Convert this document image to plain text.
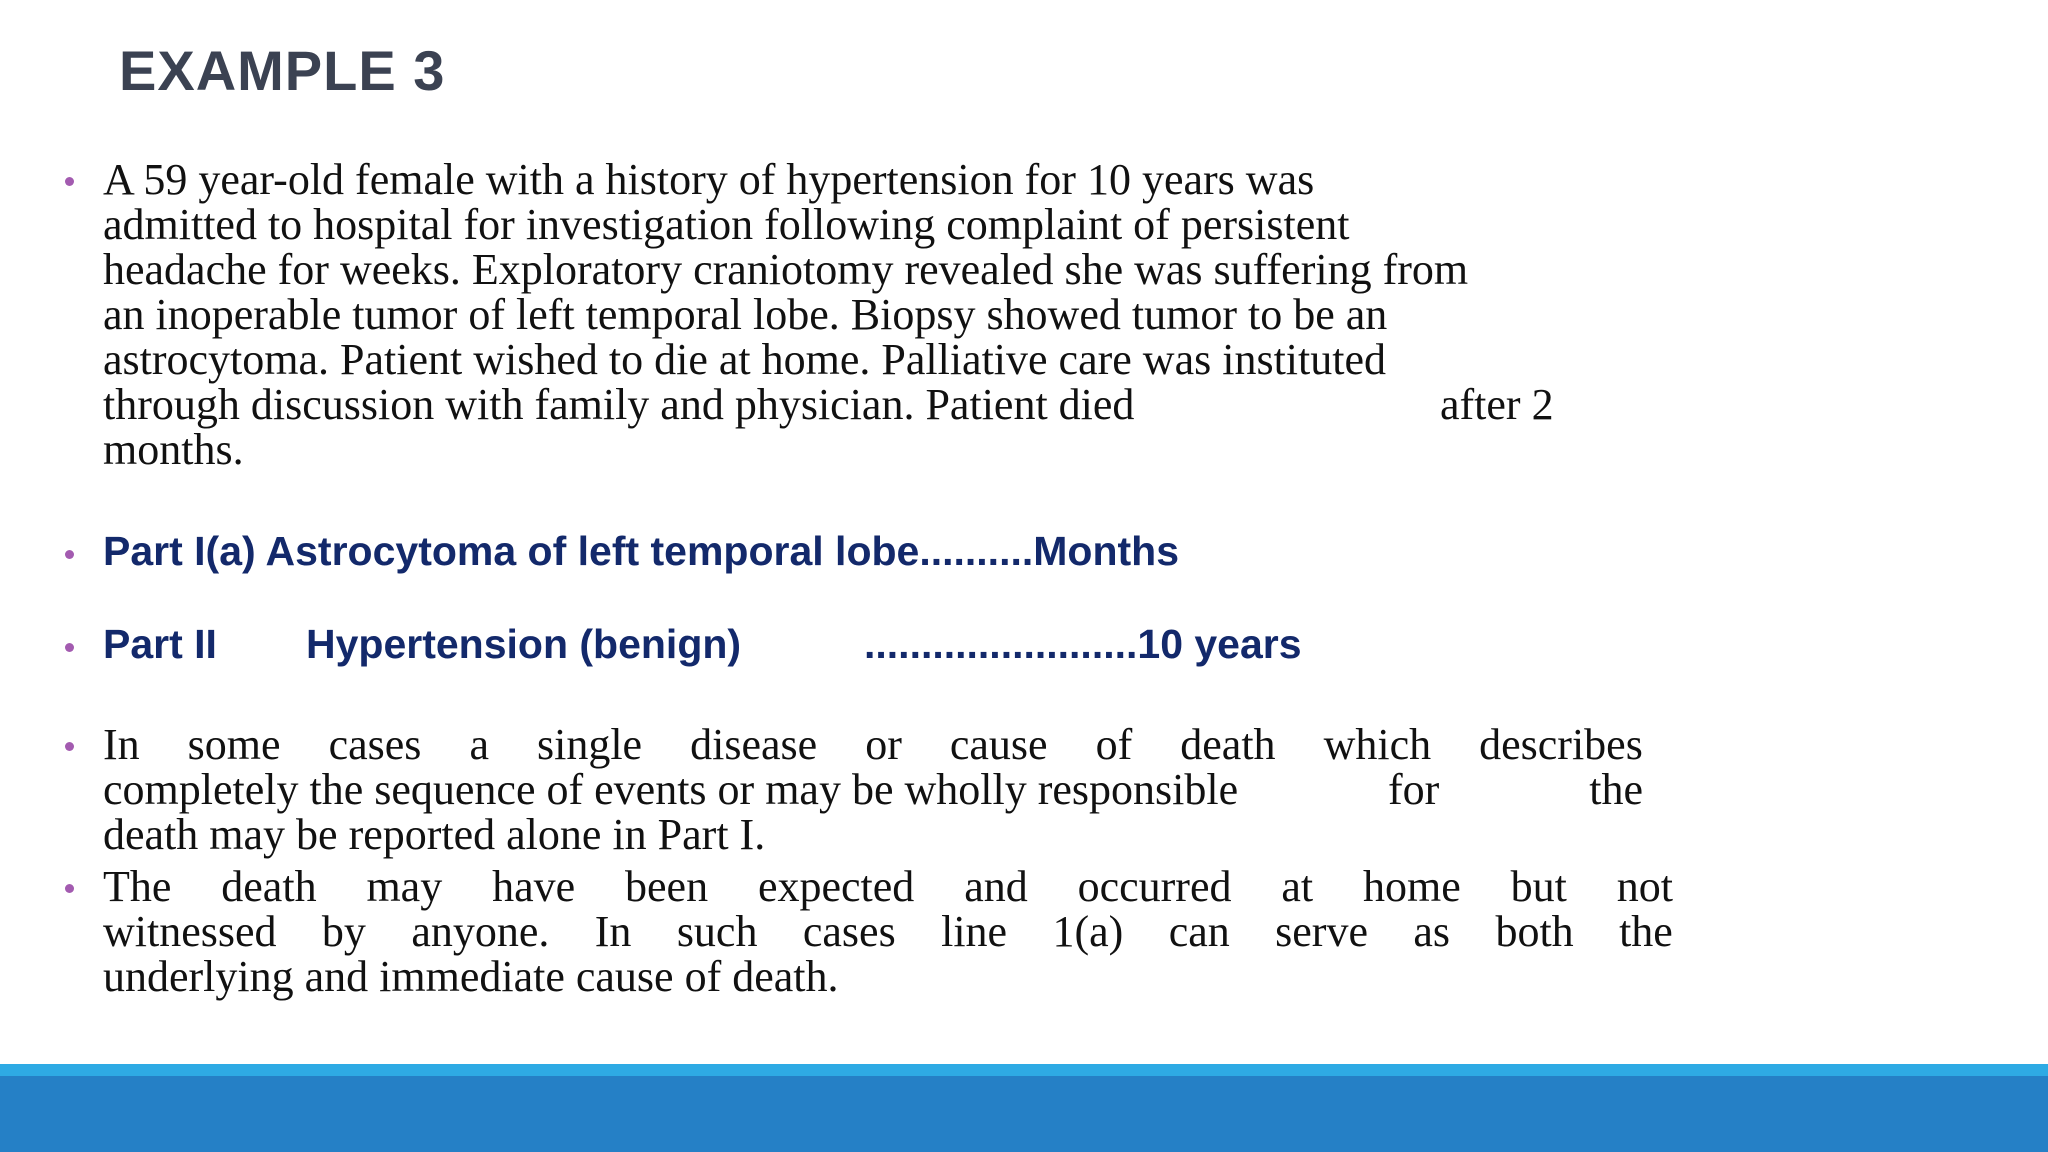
EXAMPLE 3
A 59 year-old female with a history of hypertension for 10 years was
admitted to hospital for investigation following complaint of persistent
headache for weeks. Exploratory craniotomy revealed she was suffering from
an inoperable tumor of left temporal lobe. Biopsy showed tumor to be an
astrocytoma. Patient wished to die at home. Palliative care was instituted
through discussion with family and physician. Patient died	after 2
months.
Part I(a) Astrocytoma of left temporal lobe..........Months
Part II Hypertension (benign)	........................10 years
In some cases a single disease or cause of death which describes
completely the sequence of events or may be wholly responsible	for	the
death may be reported alone in Part I.
The death may have been expected and occurred at home but not
witnessed by anyone. In such cases line 1(a) can serve as both the
underlying and immediate cause of death.
